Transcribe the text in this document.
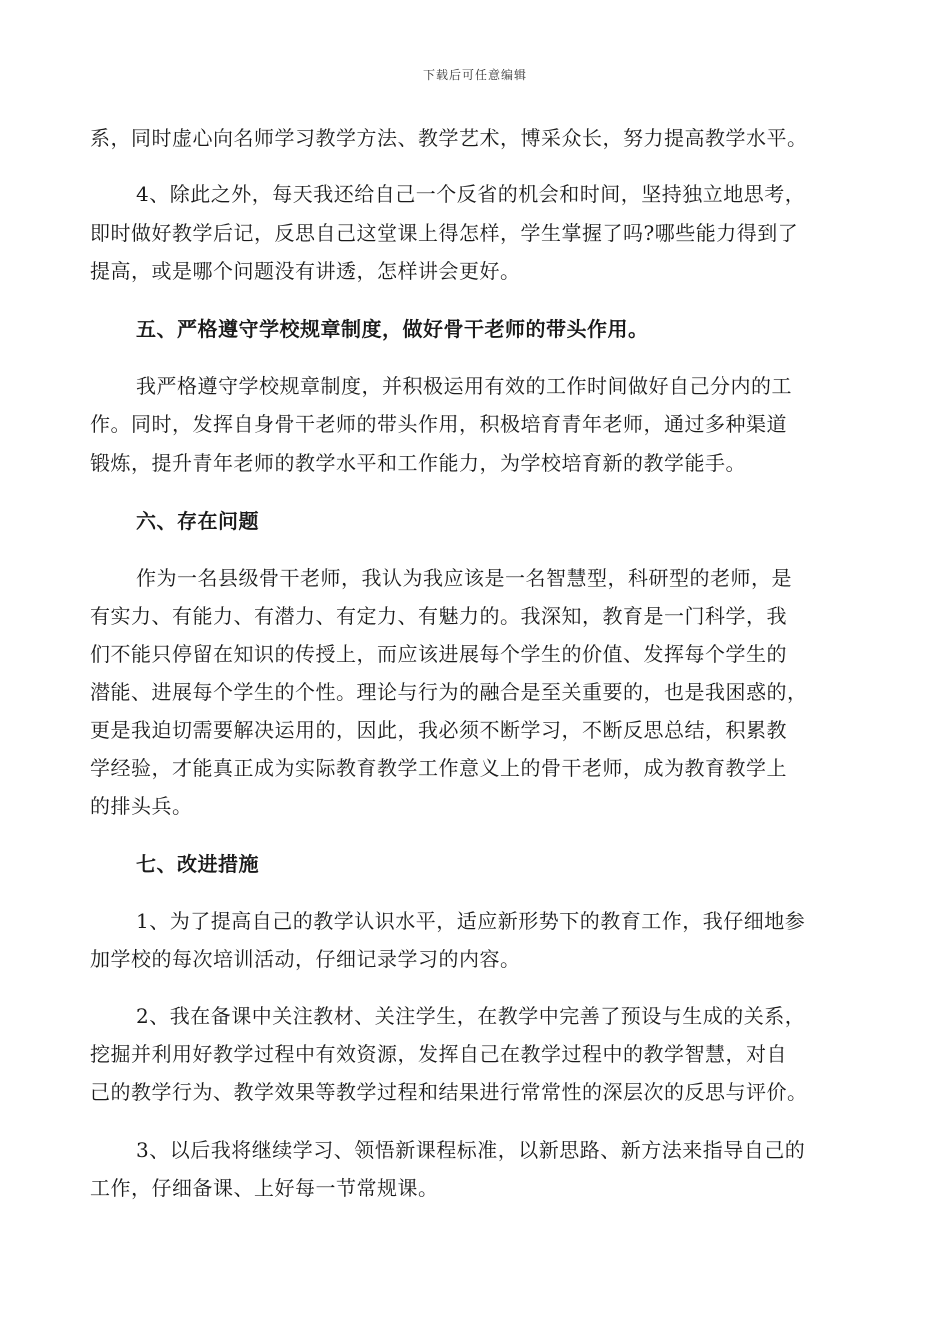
下载后可任意编辑
系，同时虚心向名师学习教学方法、教学艺术，博采众长，努力提高教学水平。
4、除此之外，每天我还给自己一个反省的机会和时间，坚持独立地思考，
即时做好教学后记，反思自己这堂课上得怎样，学生掌握了吗?哪些能力得到了
提高，或是哪个问题没有讲透，怎样讲会更好。
五、严格遵守学校规章制度，做好骨干老师的带头作用。
我严格遵守学校规章制度，并积极运用有效的工作时间做好自己分内的工
作。同时，发挥自身骨干老师的带头作用，积极培育青年老师，通过多种渠道
锻炼，提升青年老师的教学水平和工作能力，为学校培育新的教学能手。
六、存在问题
作为一名县级骨干老师，我认为我应该是一名智慧型，科研型的老师，是
有实力、有能力、有潜力、有定力、有魅力的。我深知，教育是一门科学，我
们不能只停留在知识的传授上，而应该进展每个学生的价值、发挥每个学生的
潜能、进展每个学生的个性。理论与行为的融合是至关重要的，也是我困惑的，
更是我迫切需要解决运用的，因此，我必须不断学习，不断反思总结，积累教
学经验，才能真正成为实际教育教学工作意义上的骨干老师，成为教育教学上
的排头兵。
七、改进措施
1、为了提高自己的教学认识水平，适应新形势下的教育工作，我仔细地参
加学校的每次培训活动，仔细记录学习的内容。
2、我在备课中关注教材、关注学生，在教学中完善了预设与生成的关系，
挖掘并利用好教学过程中有效资源，发挥自己在教学过程中的教学智慧，对自
己的教学行为、教学效果等教学过程和结果进行常常性的深层次的反思与评价。
3、以后我将继续学习、领悟新课程标准，以新思路、新方法来指导自己的
工作，仔细备课、上好每一节常规课。
